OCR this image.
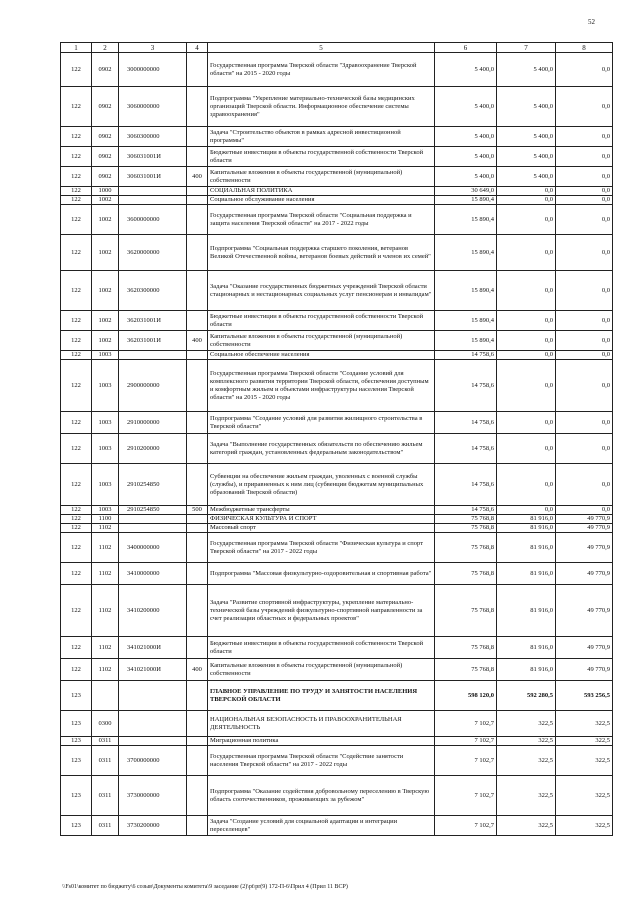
52
1	2	3	4	5	6	7	8
122	0902	3000000000		Государственная программа Тверской области "Здравоохранение Тверской области" на 2015 - 2020 годы	5 400,0	5 400,0	0,0
122	0902	3060000000		Подпрограмма "Укрепление материально-технической базы медицинских организаций Тверской области. Информационное обеспечение системы здравоохранения"	5 400,0	5 400,0	0,0
122	0902	3060300000		Задача "Строительство объектов в рамках адресной инвестиционной программы"	5 400,0	5 400,0	0,0
122	0902	306031001И		Бюджетные инвестиции в объекты государственной собственности Тверской области	5 400,0	5 400,0	0,0
122	0902	306031001И	400	Капитальные вложения в объекты государственной (муниципальной) собственности	5 400,0	5 400,0	0,0
122	1000			СОЦИАЛЬНАЯ ПОЛИТИКА	30 649,0	0,0	0,0
122	1002			Социальное обслуживание населения	15 890,4	0,0	0,0
122	1002	3600000000		Государственная программа Тверской области "Социальная поддержка и защита населения Тверской области" на 2017 - 2022 годы	15 890,4	0,0	0,0
122	1002	3620000000		Подпрограмма "Социальная поддержка старшего поколения, ветеранов Великой Отечественной войны, ветеранов боевых действий и членов их семей"	15 890,4	0,0	0,0
122	1002	3620300000		Задача "Оказание государственных бюджетных учреждений Тверской области стационарных и нестационарных социальных услуг пенсионерам и инвалидам"	15 890,4	0,0	0,0
122	1002	362031001И		Бюджетные инвестиции в объекты государственной собственности Тверской области	15 890,4	0,0	0,0
122	1002	362031001И	400	Капитальные вложения в объекты государственной (муниципальной) собственности	15 890,4	0,0	0,0
122	1003			Социальное обеспечение населения	14 758,6	0,0	0,0
122	1003	2900000000		Государственная программа Тверской области "Создание условий для комплексного развития территории Тверской области, обеспечения доступным и комфортным жильем и объектами инфраструктуры населения Тверской области" на 2015 - 2020 годы	14 758,6	0,0	0,0
122	1003	2910000000		Подпрограмма "Создание условий для развития жилищного строительства в Тверской области"	14 758,6	0,0	0,0
122	1003	2910200000		Задача "Выполнение государственных обязательств по обеспечению жильем категорий граждан, установленных федеральным законодательством"	14 758,6	0,0	0,0
122	1003	2910254850		Субвенции на обеспечение жильем граждан, уволенных с военной службы (службы), и приравненных к ним лиц (субвенции бюджетам муниципальных образований Тверской области)	14 758,6	0,0	0,0
122	1003	2910254850	500	Межбюджетные трансферты	14 758,6	0,0	0,0
122	1100			ФИЗИЧЕСКАЯ КУЛЬТУРА И СПОРТ	75 768,8	81 916,0	49 770,9
122	1102			Массовый спорт	75 768,8	81 916,0	49 770,9
122	1102	3400000000		Государственная программа Тверской области "Физическая культура и спорт Тверской области" на 2017 - 2022 годы	75 768,8	81 916,0	49 770,9
122	1102	3410000000		Подпрограмма "Массовая физкультурно-оздоровительная и спортивная работа"	75 768,8	81 916,0	49 770,9
122	1102	3410200000		Задача "Развитие спортивной инфраструктуры, укрепление материально-технической базы учреждений физкультурно-спортивной направленности за счет реализации областных и федеральных проектов"	75 768,8	81 916,0	49 770,9
122	1102	341021000И		Бюджетные инвестиции в объекты государственной собственности Тверской области	75 768,8	81 916,0	49 770,9
122	1102	341021000И	400	Капитальные вложения в объекты государственной (муниципальной) собственности	75 768,8	81 916,0	49 770,9
123				ГЛАВНОЕ УПРАВЛЕНИЕ ПО ТРУДУ И ЗАНЯТОСТИ НАСЕЛЕНИЯ ТВЕРСКОЙ ОБЛАСТИ	598 120,0	592 280,5	593 256,5
123	0300			НАЦИОНАЛЬНАЯ БЕЗОПАСНОСТЬ И ПРАВООХРАНИТЕЛЬНАЯ ДЕЯТЕЛЬНОСТЬ	7 102,7	322,5	322,5
123	0311			Миграционная политика	7 102,7	322,5	322,5
123	0311	3700000000		Государственная программа Тверской области "Содействие занятости населения Тверской области" на 2017 - 2022 годы	7 102,7	322,5	322,5
123	0311	3730000000		Подпрограмма "Оказание содействия добровольному переселению в Тверскую область соотечественников, проживающих за рубежом"	7 102,7	322,5	322,5
123	0311	3730200000		Задача "Создание условий для социальной адаптации и интеграции переселенцев"	7 102,7	322,5	322,5
\\Fs01\комитет по бюджету\6 созыв\Документы комитета\9 заседание (2)\pt\pr(9) 172-П-6\Прил 4 (Прил 11 ВСР)
